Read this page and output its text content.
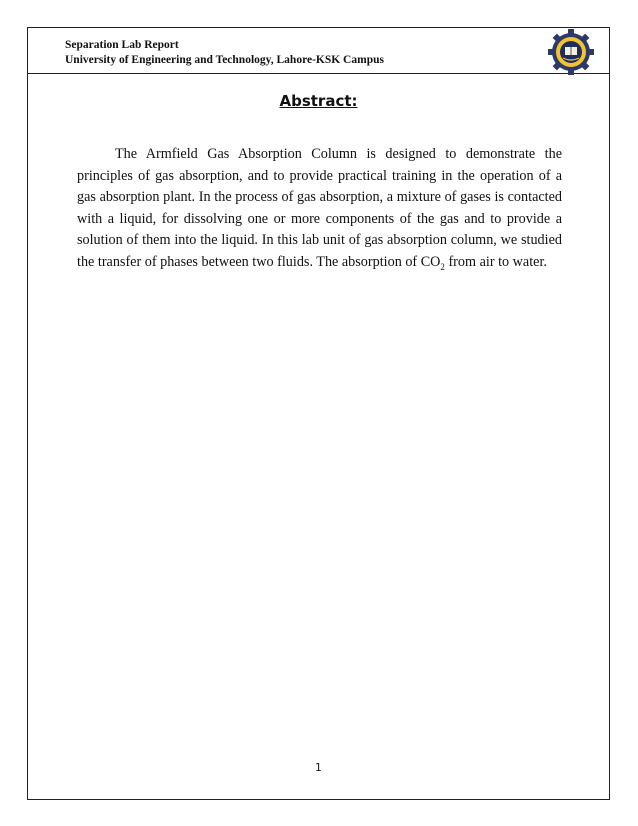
Separation Lab Report
University of Engineering and Technology, Lahore-KSK Campus
Abstract:
The Armfield Gas Absorption Column is designed to demonstrate the principles of gas absorption, and to provide practical training in the operation of a gas absorption plant. In the process of gas absorption, a mixture of gases is contacted with a liquid, for dissolving one or more components of the gas and to provide a solution of them into the liquid. In this lab unit of gas absorption column, we studied the transfer of phases between two fluids. The absorption of $CO_2$ from air to water.
1
